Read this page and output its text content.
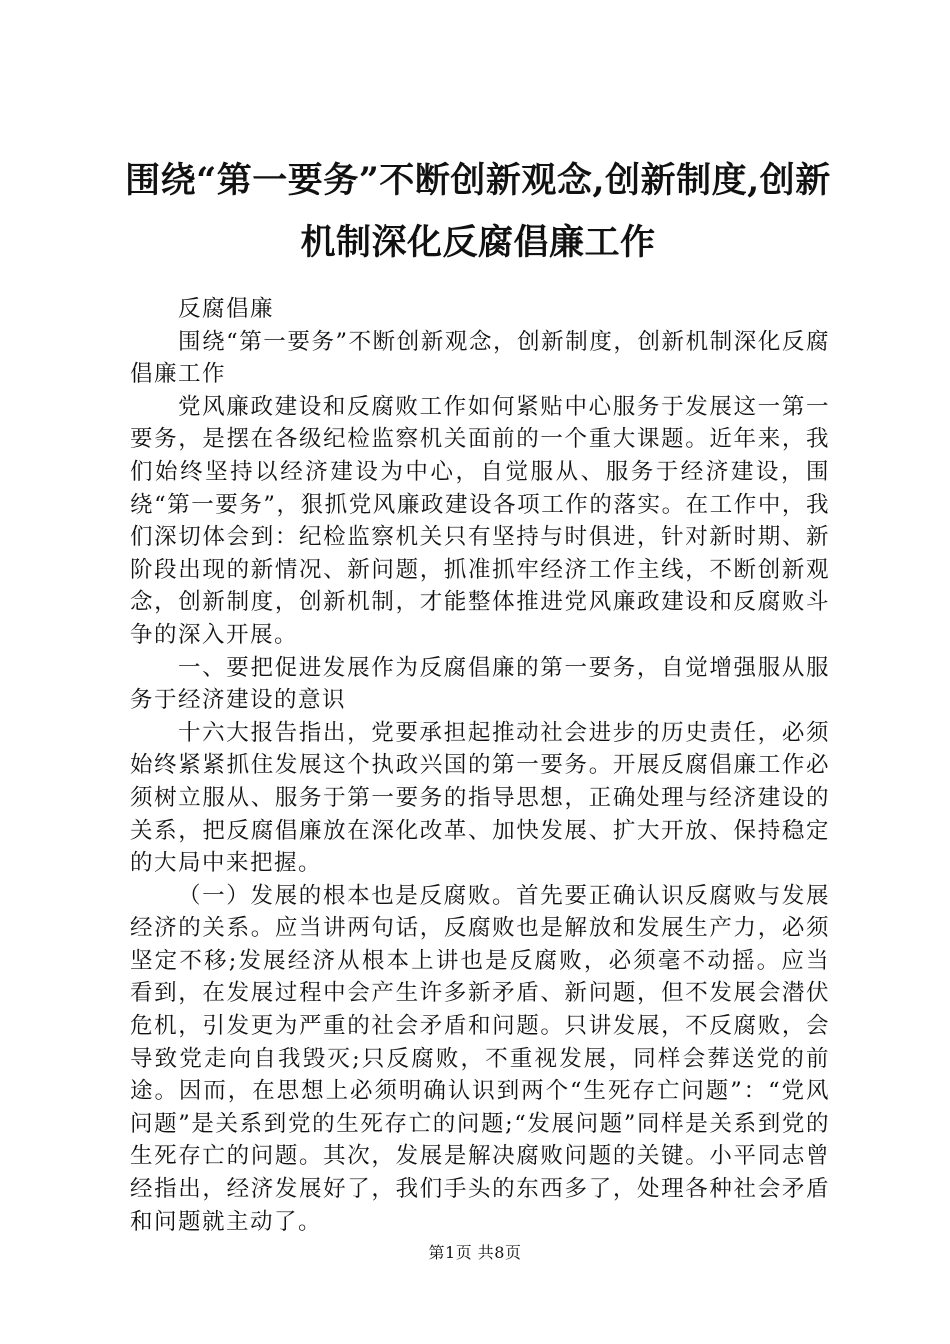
围绕“第一要务”不断创新观念,创新制度,创新机制深化反腐倡廉工作

反腐倡廉

围绕“第一要务”不断创新观念，创新制度，创新机制深化反腐倡廉工作

党风廉政建设和反腐败工作如何紧贴中心服务于发展这一第一要务，是摆在各级纪检监察机关面前的一个重大课题。近年来，我们始终坚持以经济建设为中心，自觉服从、服务于经济建设，围绕“第一要务”，狠抓党风廉政建设各项工作的落实。在工作中，我们深切体会到：纪检监察机关只有坚持与时俱进，针对新时期、新阶段出现的新情况、新问题，抓准抓牢经济工作主线，不断创新观念，创新制度，创新机制，才能整体推进党风廉政建设和反腐败斗争的深入开展。

一、要把促进发展作为反腐倡廉的第一要务，自觉增强服从服务于经济建设的意识

十六大报告指出，党要承担起推动社会进步的历史责任，必须始终紧紧抓住发展这个执政兴国的第一要务。开展反腐倡廉工作必须树立服从、服务于第一要务的指导思想，正确处理与经济建设的关系，把反腐倡廉放在深化改革、加快发展、扩大开放、保持稳定的大局中来把握。

（一）发展的根本也是反腐败。首先要正确认识反腐败与发展经济的关系。应当讲两句话，反腐败也是解放和发展生产力，必须坚定不移;发展经济从根本上讲也是反腐败，必须毫不动摇。应当看到，在发展过程中会产生许多新矛盾、新问题，但不发展会潜伏危机，引发更为严重的社会矛盾和问题。只讲发展，不反腐败，会导致党走向自我毁灭;只反腐败，不重视发展，同样会葬送党的前途。因而，在思想上必须明确认识到两个“生死存亡问题”：“党风问题”是关系到党的生死存亡的问题;“发展问题”同样是关系到党的生死存亡的问题。其次，发展是解决腐败问题的关键。小平同志曾经指出，经济发展好了，我们手头的东西多了，处理各种社会矛盾和问题就主动了。

第1页 共8页
